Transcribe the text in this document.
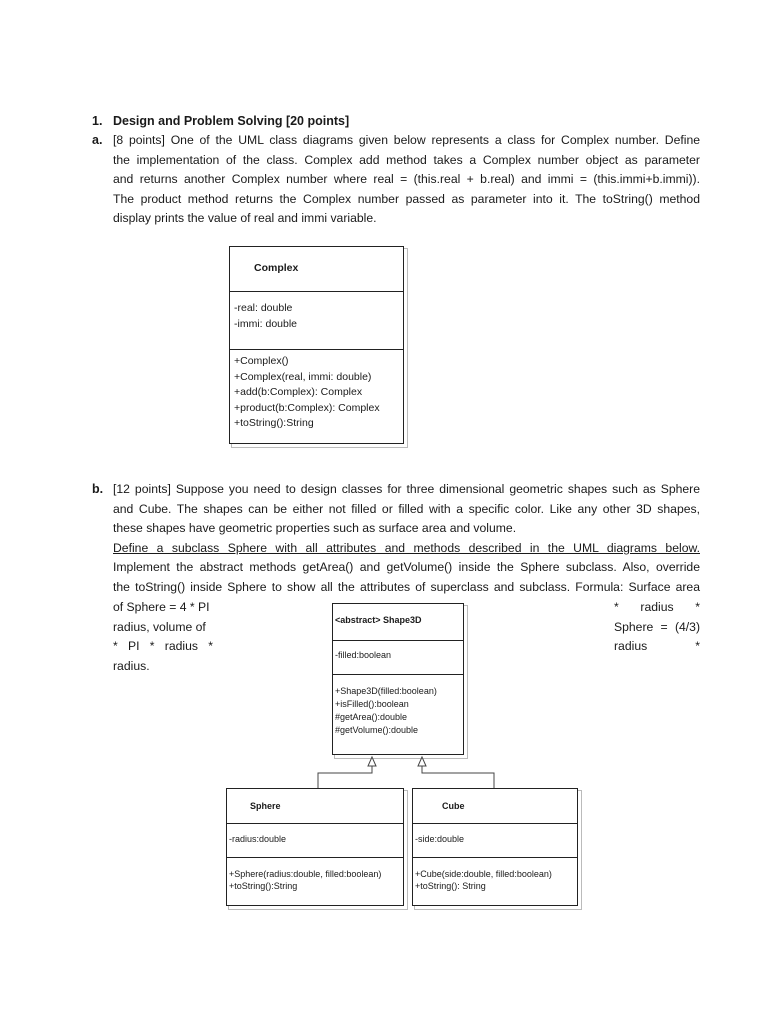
1. Design and Problem Solving [20 points]
a. [8 points] One of the UML class diagrams given below represents a class for Complex number. Define
the implementation of the class. Complex add method takes a Complex number object as parameter
and returns another Complex number where real = (this.real + b.real) and immi = (this.immi+b.immi)).
The product method returns the Complex number passed as parameter into it. The toString() method
display prints the value of real and immi variable.
Complex
-real: double
-immi: double
+Complex()
+Complex(real, immi: double)
+add(b:Complex): Complex
+product(b:Complex): Complex
+toString():String
b. [12 points] Suppose you need to design classes for three dimensional geometric shapes such as Sphere
and Cube. The shapes can be either not filled or filled with a specific color. Like any other 3D shapes,
these shapes have geometric properties such as surface area and volume.
Define a subclass Sphere with all attributes and methods described in the UML diagrams below.
Implement the abstract methods getArea() and getVolume() inside the Sphere subclass. Also, override
the toString() inside Sphere to show all the attributes of superclass and subclass. Formula: Surface area
of Sphere = 4 * PI
radius, volume of
* PI * radius *
radius.
* radius *
Sphere = (4/3)
radius *
<abstract> Shape3D
-filled:boolean
+Shape3D(filled:boolean)
+isFilled():boolean
#getArea():double
#getVolume():double
Sphere
-radius:double
+Sphere(radius:double, filled:boolean)
+toString():String
Cube
-side:double
+Cube(side:double, filled:boolean)
+toString(): String
